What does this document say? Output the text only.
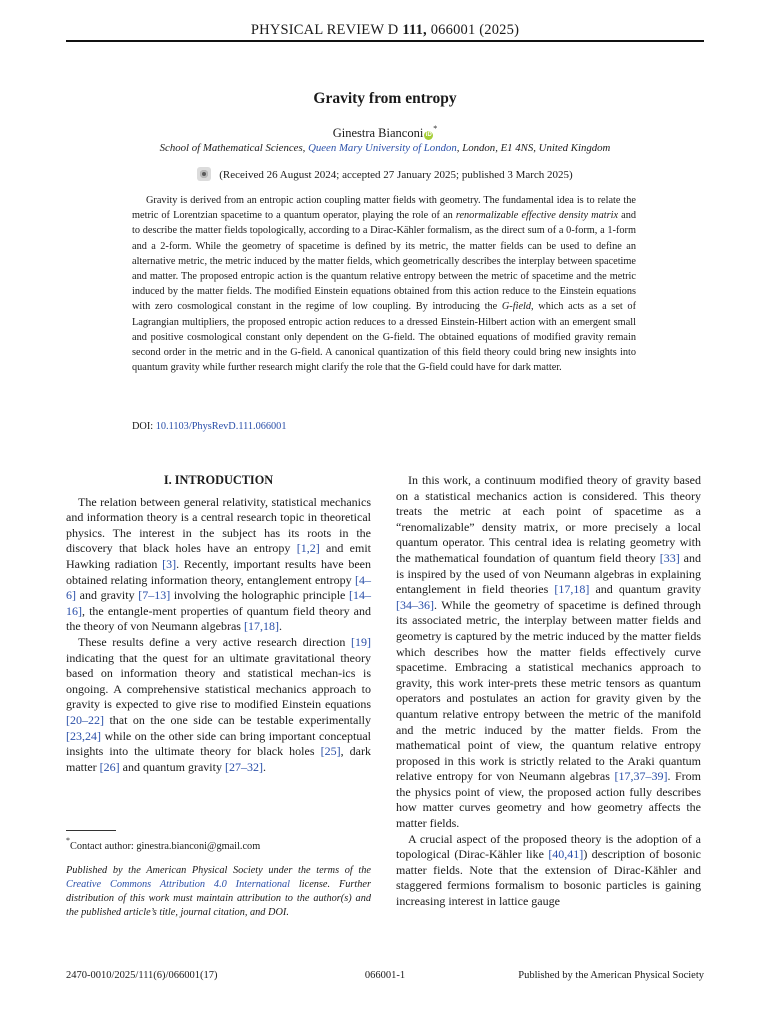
PHYSICAL REVIEW D 111, 066001 (2025)
Gravity from entropy
Ginestra Bianconi iD*
School of Mathematical Sciences, Queen Mary University of London, London, E1 4NS, United Kingdom
(Received 26 August 2024; accepted 27 January 2025; published 3 March 2025)

Gravity is derived from an entropic action coupling matter fields with geometry. The fundamental idea is to relate the metric of Lorentzian spacetime to a quantum operator, playing the role of an renormalizable effective density matrix and to describe the matter fields topologically, according to a Dirac-Kähler formalism, as the direct sum of a 0-form, a 1-form and a 2-form. While the geometry of spacetime is defined by its metric, the matter fields can be used to define an alternative metric, the metric induced by the matter fields, which geometrically describes the interplay between spacetime and matter. The proposed entropic action is the quantum relative entropy between the metric of spacetime and the metric induced by the matter fields. The modified Einstein equations obtained from this action reduce to the Einstein equations with zero cosmological constant in the regime of low coupling. By introducing the G-field, which acts as a set of Lagrangian multipliers, the proposed entropic action reduces to a dressed Einstein-Hilbert action with an emergent small and positive cosmological constant only dependent on the G-field. The obtained equations of modified gravity remain second order in the metric and in the G-field. A canonical quantization of this field theory could bring new insights into quantum gravity while further research might clarify the role that the G-field could have for dark matter.

DOI: 10.1103/PhysRevD.111.066001
I. INTRODUCTION

The relation between general relativity, statistical mechanics and information theory is a central research topic in theoretical physics. The interest in the subject has its roots in the discovery that black holes have an entropy [1,2] and emit Hawking radiation [3]. Recently, important results have been obtained relating information theory, entanglement entropy [4–6] and gravity [7–13] involving the holographic principle [14–16], the entangle-ment properties of quantum field theory and the theory of von Neumann algebras [17,18].

These results define a very active research direction [19] indicating that the quest for an ultimate gravitational theory based on information theory and statistical mechan-ics is ongoing. A comprehensive statistical mechanics approach to gravity is expected to give rise to modified Einstein equations [20–22] that on the one side can be testable experimentally [23,24] while on the other side can bring important conceptual insights into the ultimate theory for black holes [25], dark matter [26] and quantum gravity [27–32].

*Contact author: ginestra.bianconi@gmail.com

Published by the American Physical Society under the terms of the Creative Commons Attribution 4.0 International license. Further distribution of this work must maintain attribution to the author(s) and the published article’s title, journal citation, and DOI.

In this work, a continuum modified theory of gravity based on a statistical mechanics action is considered. This theory treats the metric at each point of spacetime as a “renomalizable” density matrix, or more precisely a local quantum operator. This central idea is relating geometry with the mathematical foundation of quantum field theory [33] and is inspired by the used of von Neumann algebras in explaining entanglement in field theories [17,18] and quantum gravity [34–36]. While the geometry of spacetime is defined through its associated metric, the interplay between matter fields and geometry is captured by the metric induced by the matter fields which describes how the matter fields effectively curve spacetime. Embracing a statistical mechanics approach to gravity, this work inter-prets these metric tensors as quantum operators and postulates an action for gravity given by the quantum relative entropy between the metric of the manifold and the metric induced by the matter fields. From the mathematical point of view, the quantum relative entropy proposed in this work is strictly related to the Araki quantum relative entropy for von Neumann algebras [17,37–39]. From the physics point of view, the proposed action fully describes how matter curves geometry and how geometry affects the matter fields.

A crucial aspect of the proposed theory is the adoption of a topological (Dirac-Kähler like [40,41]) description of bosonic matter fields. Note that the extension of Dirac-Kähler and staggered fermions formalism to bosonic particles is gaining increasing interest in lattice gauge

2470-0010/2025/111(6)/066001(17)	066001-1	Published by the American Physical Society
